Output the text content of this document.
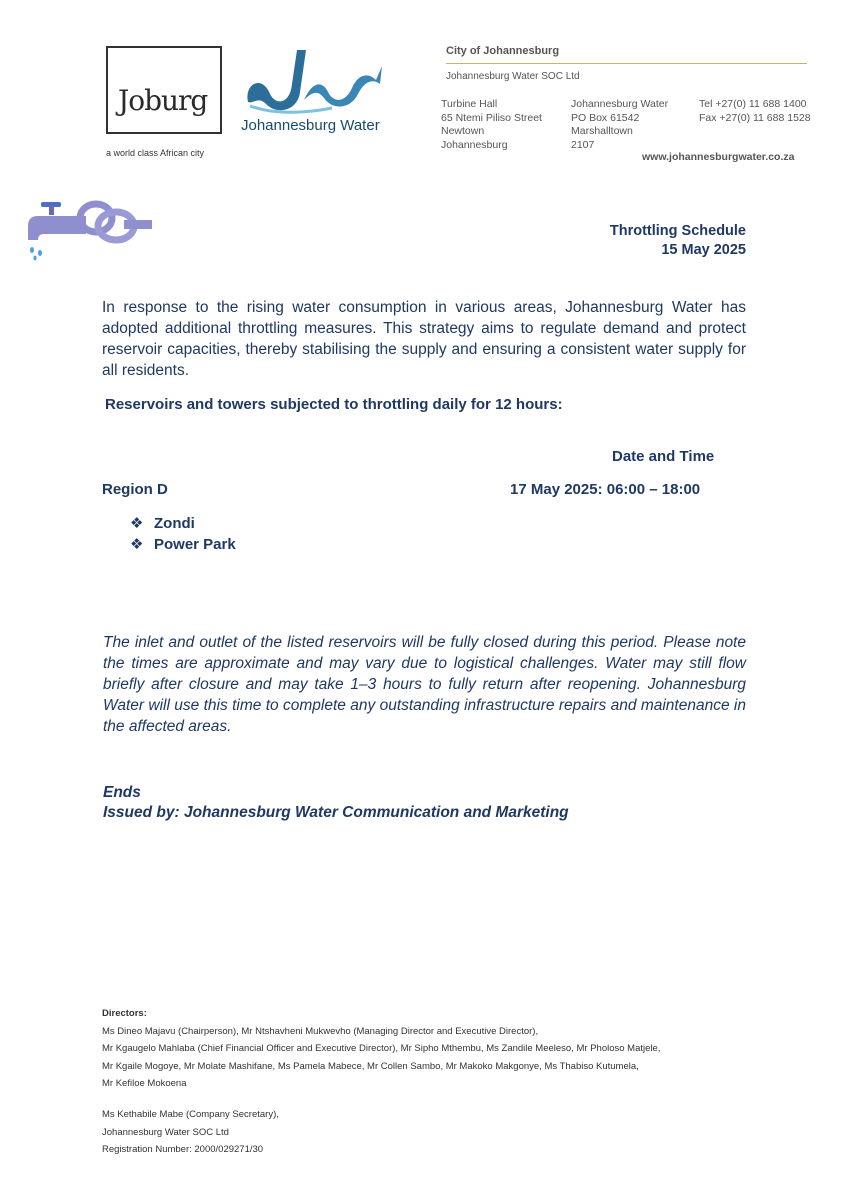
Joburg
a world class African city
Johannesburg Water
City of Johannesburg
Johannesburg Water SOC Ltd
Turbine Hall
65 Ntemi Piliso Street
Newtown
Johannesburg
Johannesburg Water
PO Box 61542
Marshalltown
2107
Tel +27(0) 11 688 1400
Fax +27(0) 11 688 1528
www.johannesburgwater.co.za
Throttling Schedule
15 May 2025
In response to the rising water consumption in various areas, Johannesburg Water has adopted additional throttling measures. This strategy aims to regulate demand and protect reservoir capacities, thereby stabilising the supply and ensuring a consistent water supply for all residents.
Reservoirs and towers subjected to throttling daily for 12 hours:
Date and Time
Region D	17 May 2025: 06:00 – 18:00
❖ Zondi
❖ Power Park
The inlet and outlet of the listed reservoirs will be fully closed during this period. Please note the times are approximate and may vary due to logistical challenges. Water may still flow briefly after closure and may take 1–3 hours to fully return after reopening. Johannesburg Water will use this time to complete any outstanding infrastructure repairs and maintenance in the affected areas.
Ends
Issued by: Johannesburg Water Communication and Marketing
Directors:
Ms Dineo Majavu (Chairperson), Mr Ntshavheni Mukwevho (Managing Director and Executive Director),
Mr Kgaugelo Mahlaba (Chief Financial Officer and Executive Director), Mr Sipho Mthembu, Ms Zandile Meeleso, Mr Pholoso Matjele,
Mr Kgaile Mogoye, Mr Molate Mashifane, Ms Pamela Mabece, Mr Collen Sambo, Mr Makoko Makgonye, Ms Thabiso Kutumela,
Mr Kefiloe Mokoena
Ms Kethabile Mabe (Company Secretary),
Johannesburg Water SOC Ltd
Registration Number: 2000/029271/30
